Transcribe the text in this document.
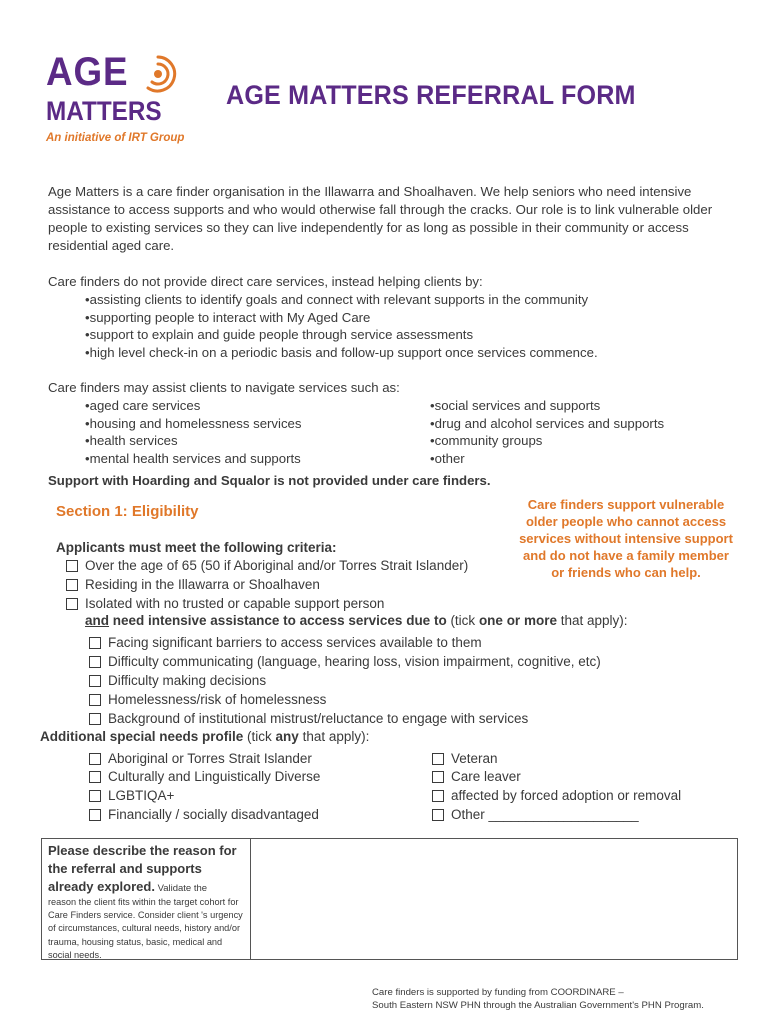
AGE
MATTERS
An initiative of IRT Group
AGE MATTERS REFERRAL FORM
Age Matters is a care finder organisation in the Illawarra and Shoalhaven. We help seniors who need intensive assistance to access supports and who would otherwise fall through the cracks. Our role is to link vulnerable older people to existing services so they can live independently for as long as possible in their community or access residential aged care.
Care finders do not provide direct care services, instead helping clients by:
• assisting clients to identify goals and connect with relevant supports in the community
• supporting people to interact with My Aged Care
• support to explain and guide people through service assessments
• high level check-in on a periodic basis and follow-up support once services commence.
Care finders may assist clients to navigate services such as:
• aged care services
• housing and homelessness services
• health services
• mental health services and supports
• social services and supports
• drug and alcohol services and supports
• community groups
• other
Support with Hoarding and Squalor is not provided under care finders.
Section 1: Eligibility	Care finders support vulnerable older people who cannot access services without intensive support and do not have a family member or friends who can help.
Applicants must meet the following criteria:
Over the age of 65 (50 if Aboriginal and/or Torres Strait Islander)
Residing in the Illawarra or Shoalhaven
Isolated with no trusted or capable support person
and need intensive assistance to access services due to (tick one or more that apply):
Facing significant barriers to access services available to them
Difficulty communicating (language, hearing loss, vision impairment, cognitive, etc)
Difficulty making decisions
Homelessness/risk of homelessness
Background of institutional mistrust/reluctance to engage with services
Additional special needs profile (tick any that apply):
Aboriginal or Torres Strait Islander
Culturally and Linguistically Diverse
LGBTIQA+
Financially / socially disadvantaged
Veteran
Care leaver
affected by forced adoption or removal
Other ____________________
Please describe the reason for the referral and supports already explored. Validate the
reason the client fits within the target cohort for Care Finders service. Consider client 's urgency of circumstances, cultural needs, history and/or trauma, housing status, basic, medical and social needs.
Care finders is supported by funding from COORDINARE –
South Eastern NSW PHN through the Australian Government's PHN Program.
